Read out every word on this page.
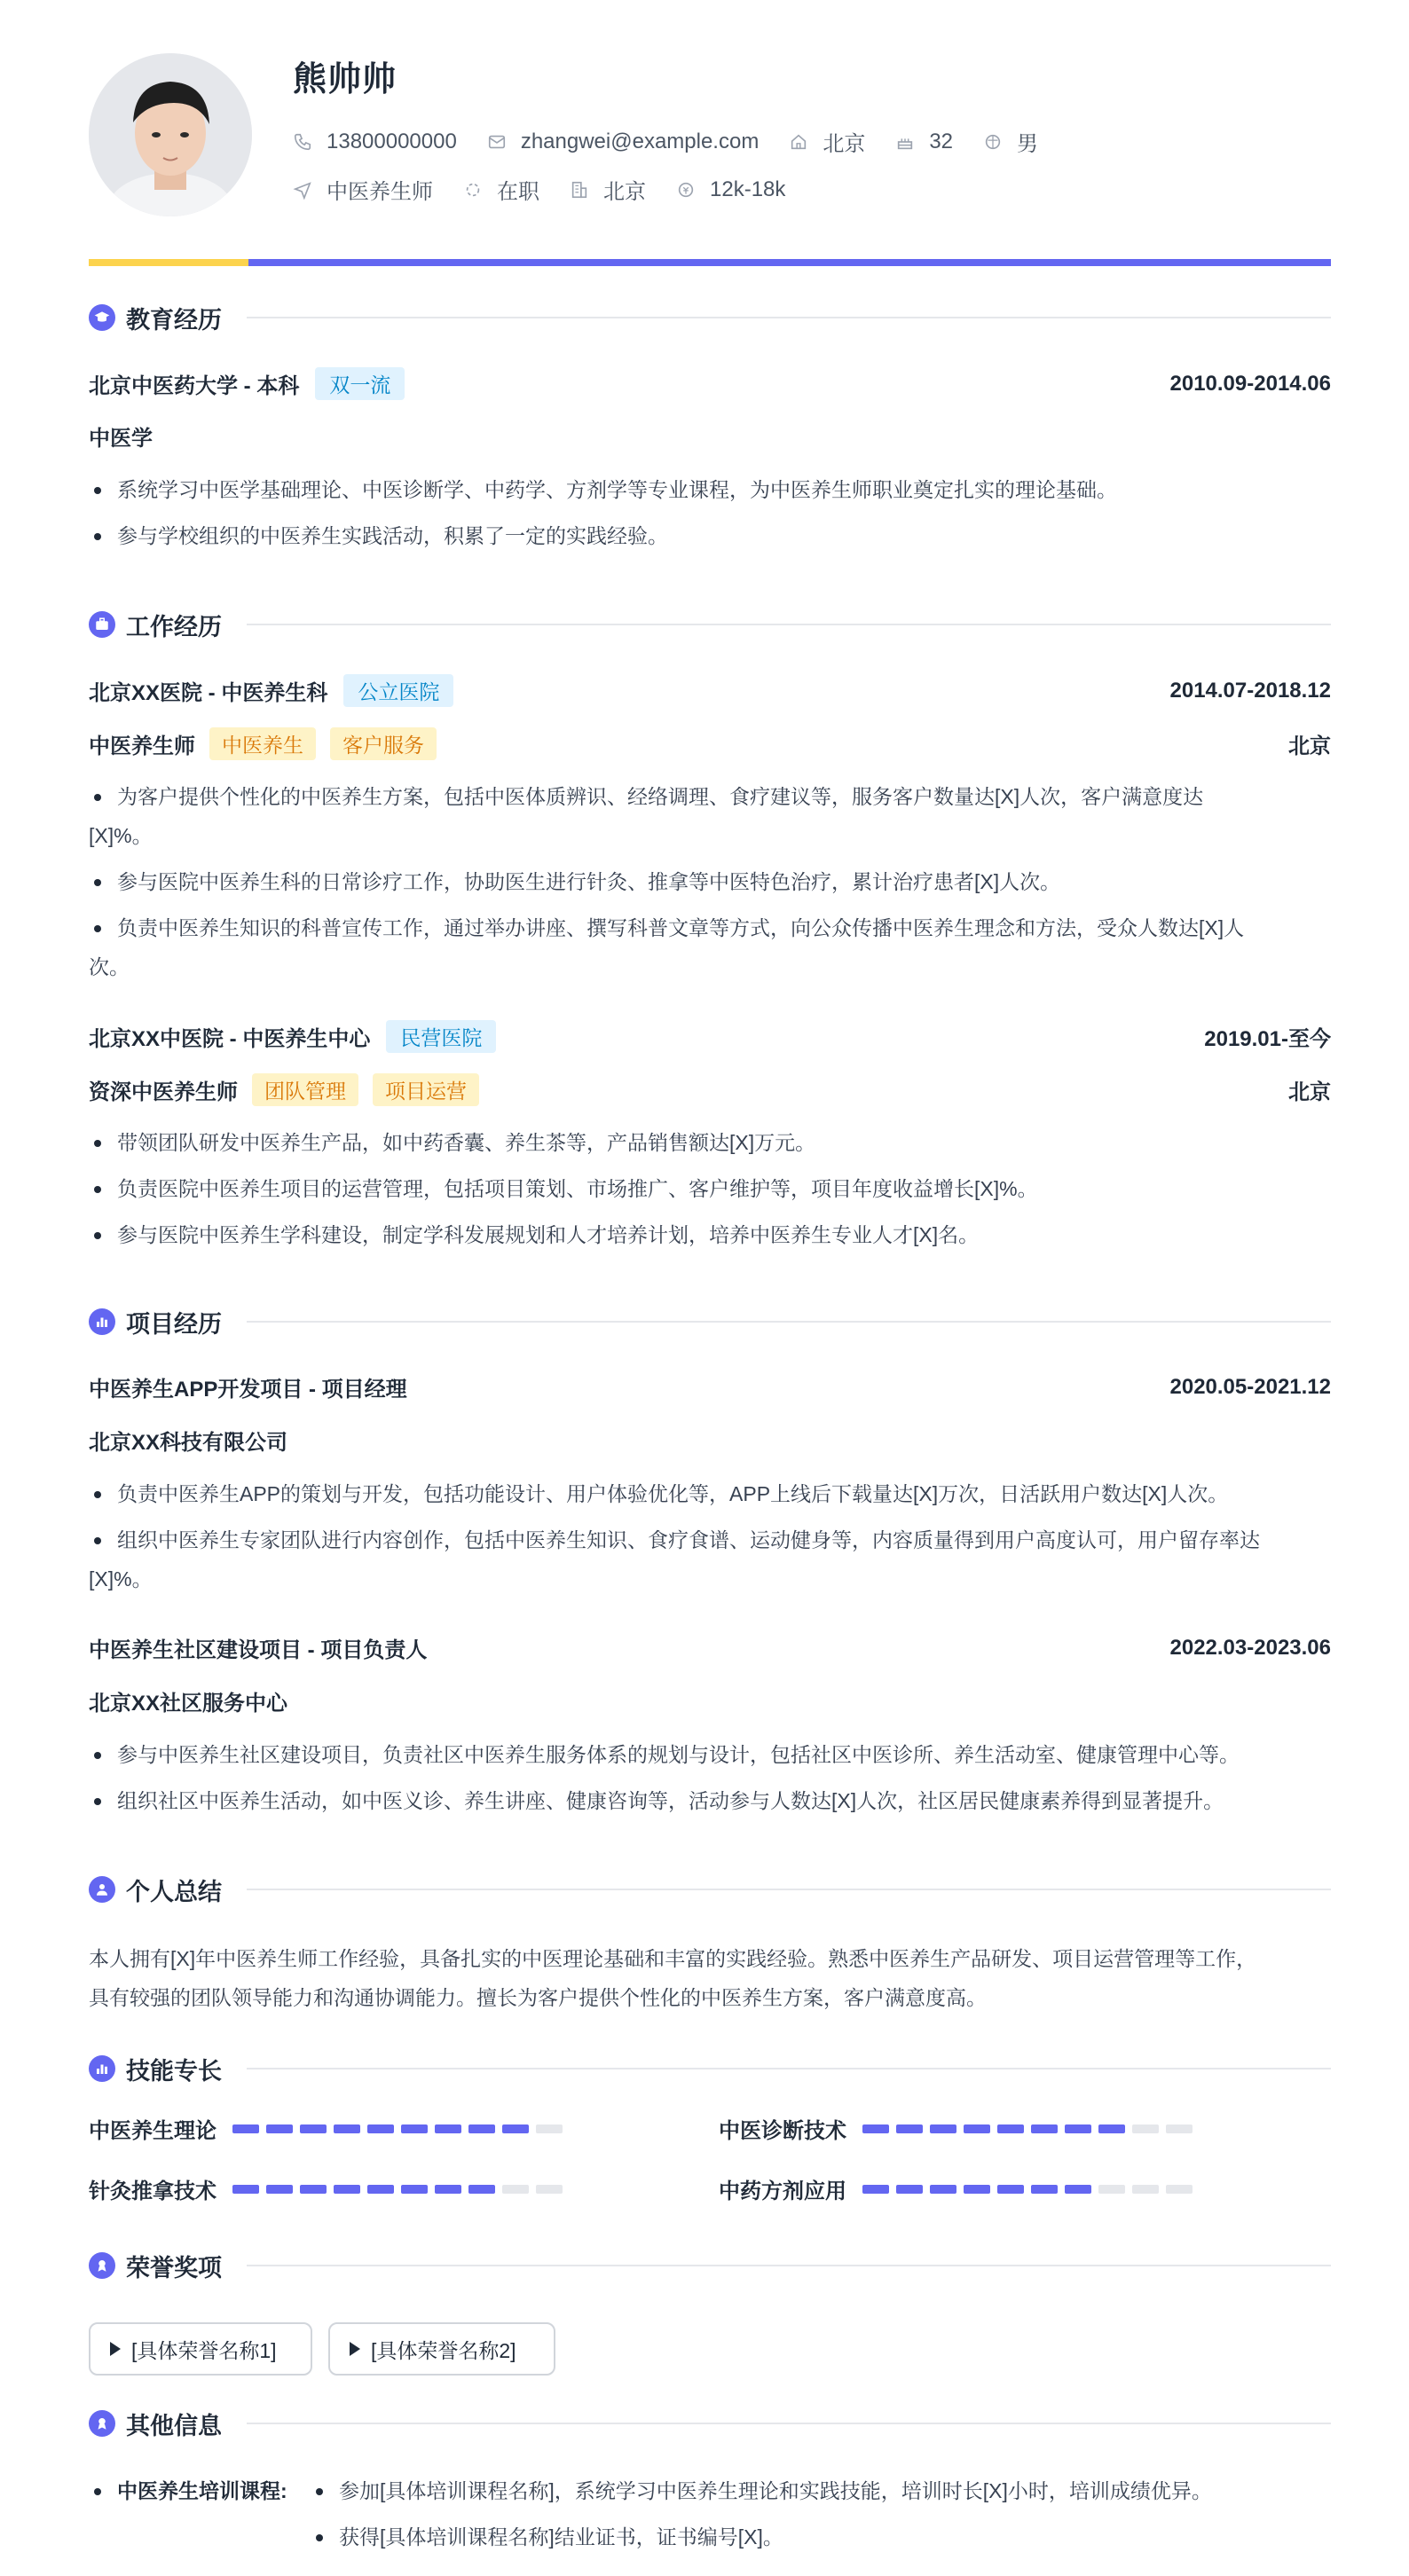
熊帅帅
13800000000	zhangwei@example.com	北京	32	男
中医养生师	在职	北京	12k-18k
教育经历
北京中医药大学 - 本科	双一流	2010.09-2014.06
中医学
系统学习中医学基础理论、中医诊断学、中药学、方剂学等专业课程，为中医养生师职业奠定扎实的理论基础。
参与学校组织的中医养生实践活动，积累了一定的实践经验。
工作经历
北京XX医院 - 中医养生科	公立医院	2014.07-2018.12
中医养生师	中医养生	客户服务	北京
为客户提供个性化的中医养生方案，包括中医体质辨识、经络调理、食疗建议等，服务客户数量达[X]人次，客户满意度达
[X]%。
参与医院中医养生科的日常诊疗工作，协助医生进行针灸、推拿等中医特色治疗，累计治疗患者[X]人次。
负责中医养生知识的科普宣传工作，通过举办讲座、撰写科普文章等方式，向公众传播中医养生理念和方法，受众人数达[X]人
次。
北京XX中医院 - 中医养生中心	民营医院	2019.01-至今
资深中医养生师	团队管理	项目运营	北京
带领团队研发中医养生产品，如中药香囊、养生茶等，产品销售额达[X]万元。
负责医院中医养生项目的运营管理，包括项目策划、市场推广、客户维护等，项目年度收益增长[X]%。
参与医院中医养生学科建设，制定学科发展规划和人才培养计划，培养中医养生专业人才[X]名。
项目经历
中医养生APP开发项目 - 项目经理	2020.05-2021.12
北京XX科技有限公司
负责中医养生APP的策划与开发，包括功能设计、用户体验优化等，APP上线后下载量达[X]万次，日活跃用户数达[X]人次。
组织中医养生专家团队进行内容创作，包括中医养生知识、食疗食谱、运动健身等，内容质量得到用户高度认可，用户留存率达
[X]%。
中医养生社区建设项目 - 项目负责人	2022.03-2023.06
北京XX社区服务中心
参与中医养生社区建设项目，负责社区中医养生服务体系的规划与设计，包括社区中医诊所、养生活动室、健康管理中心等。
组织社区中医养生活动，如中医义诊、养生讲座、健康咨询等，活动参与人数达[X]人次，社区居民健康素养得到显著提升。
个人总结
本人拥有[X]年中医养生师工作经验，具备扎实的中医理论基础和丰富的实践经验。熟悉中医养生产品研发、项目运营管理等工作，
具有较强的团队领导能力和沟通协调能力。擅长为客户提供个性化的中医养生方案，客户满意度高。
技能专长
中医养生理论	中医诊断技术
针灸推拿技术	中药方剂应用
荣誉奖项
[具体荣誉名称1]	[具体荣誉名称2]
其他信息
中医养生培训课程:	参加[具体培训课程名称]，系统学习中医养生理论和实践技能，培训时长[X]小时，培训成绩优异。
获得[具体培训课程名称]结业证书，证书编号[X]。
